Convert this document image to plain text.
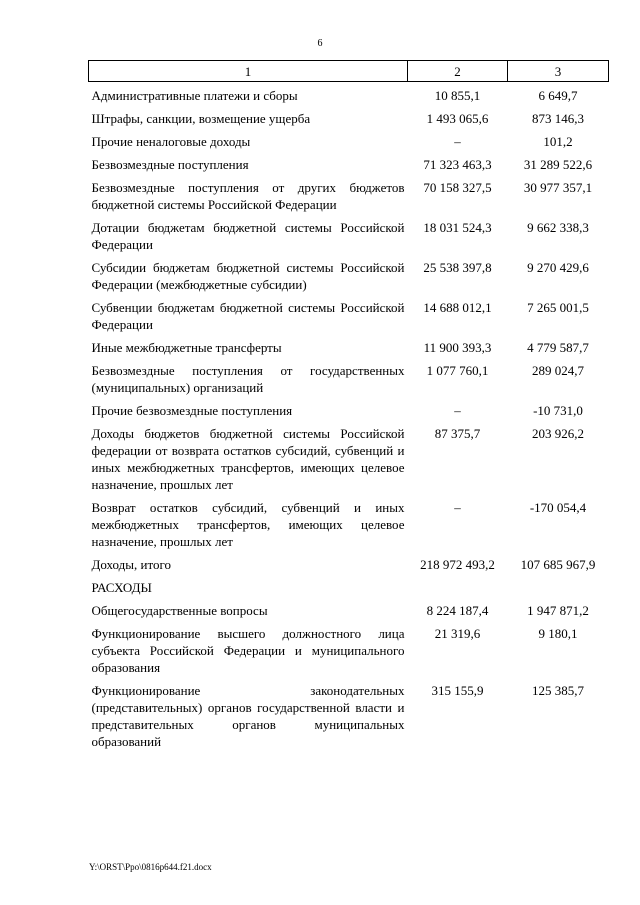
6
1	2	3
Административные платежи и сборы	10 855,1	6 649,7
Штрафы, санкции, возмещение ущерба	1 493 065,6	873 146,3
Прочие неналоговые доходы	–	101,2
Безвозмездные поступления	71 323 463,3	31 289 522,6
Безвозмездные поступления от других бюджетов бюджетной системы Российской Федерации	70 158 327,5	30 977 357,1
Дотации бюджетам бюджетной системы Российской Федерации	18 031 524,3	9 662 338,3
Субсидии бюджетам бюджетной системы Российской Федерации (межбюджетные субсидии)	25 538 397,8	9 270 429,6
Субвенции бюджетам бюджетной системы Российской Федерации	14 688 012,1	7 265 001,5
Иные межбюджетные трансферты	11 900 393,3	4 779 587,7
Безвозмездные поступления от государственных (муниципальных) организаций	1 077 760,1	289 024,7
Прочие безвозмездные поступления	–	-10 731,0
Доходы бюджетов бюджетной системы Российской федерации от возврата остатков субсидий, субвенций и иных межбюджетных трансфертов, имеющих целевое назначение, прошлых лет	87 375,7	203 926,2
Возврат остатков субсидий, субвенций и иных межбюджетных трансфертов, имеющих целевое назначение, прошлых лет	–	-170 054,4
Доходы, итого	218 972 493,2	107 685 967,9
РАСХОДЫ		
Общегосударственные вопросы	8 224 187,4	1 947 871,2
Функционирование высшего должностного лица субъекта Российской Федерации и муниципального образования	21 319,6	9 180,1
Функционирование законодательных (представительных) органов государственной власти и представительных органов муниципальных образований	315 155,9	125 385,7
Y:\ORST\Ppo\0816p644.f21.docx
